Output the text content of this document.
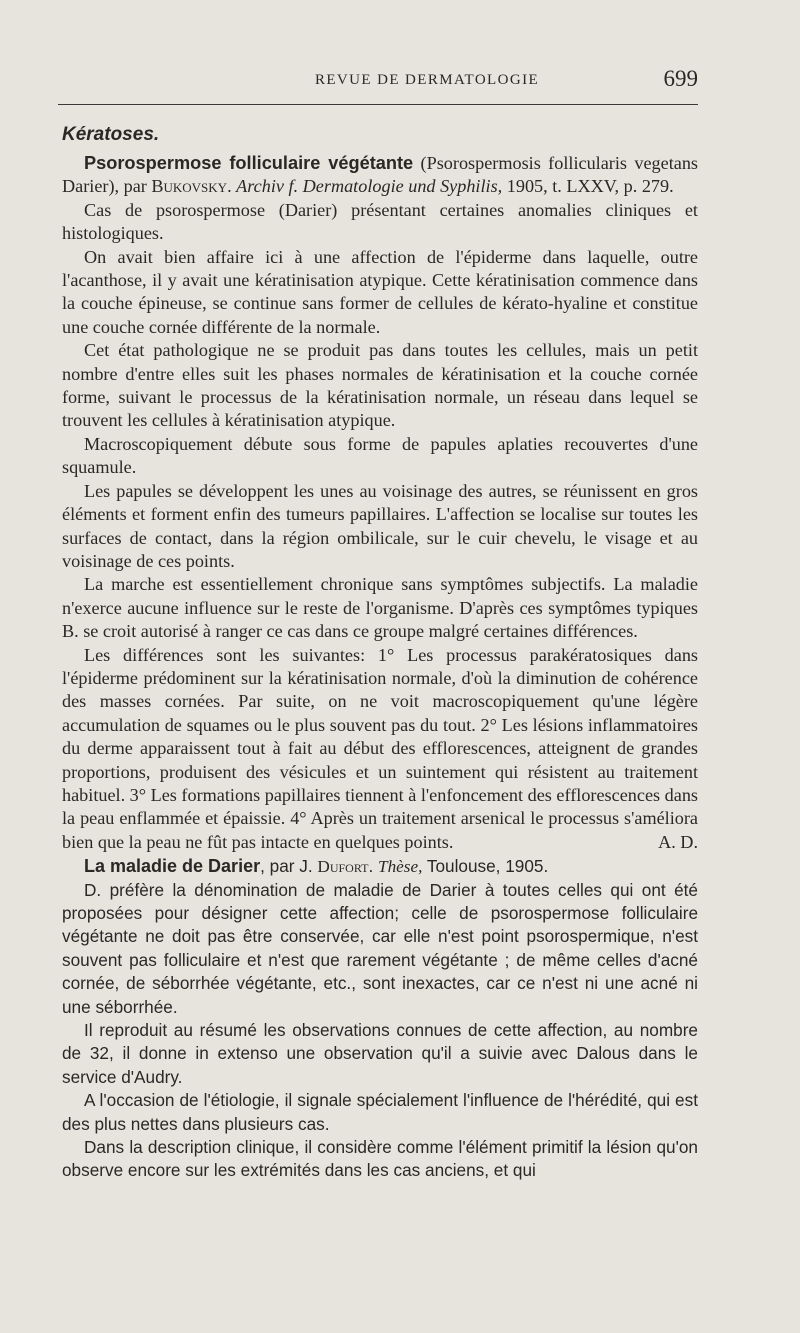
REVUE DE DERMATOLOGIE	699
Kératoses.

Psorospermose folliculaire végétante (Psorospermosis follicularis vegetans Darier), par Bukovsky. Archiv f. Dermatologie und Syphilis, 1905, t. LXXV, p. 279.

Cas de psorospermose (Darier) présentant certaines anomalies cliniques et histologiques.

On avait bien affaire ici à une affection de l'épiderme dans laquelle, outre l'acanthose, il y avait une kératinisation atypique. Cette kératinisation commence dans la couche épineuse, se continue sans former de cellules de kérato-hyaline et constitue une couche cornée différente de la normale.

Cet état pathologique ne se produit pas dans toutes les cellules, mais un petit nombre d'entre elles suit les phases normales de kératinisation et la couche cornée forme, suivant le processus de la kératinisation normale, un réseau dans lequel se trouvent les cellules à kératinisation atypique.

Macroscopiquement débute sous forme de papules aplaties recouvertes d'une squamule.

Les papules se développent les unes au voisinage des autres, se réunissent en gros éléments et forment enfin des tumeurs papillaires. L'affection se localise sur toutes les surfaces de contact, dans la région ombilicale, sur le cuir chevelu, le visage et au voisinage de ces points.

La marche est essentiellement chronique sans symptômes subjectifs. La maladie n'exerce aucune influence sur le reste de l'organisme. D'après ces symptômes typiques B. se croit autorisé à ranger ce cas dans ce groupe malgré certaines différences.

Les différences sont les suivantes: 1° Les processus parakératosiques dans l'épiderme prédominent sur la kératinisation normale, d'où la diminution de cohérence des masses cornées. Par suite, on ne voit macroscopiquement qu'une légère accumulation de squames ou le plus souvent pas du tout. 2° Les lésions inflammatoires du derme apparaissent tout à fait au début des efflorescences, atteignent de grandes proportions, produisent des vésicules et un suintement qui résistent au traitement habituel. 3° Les formations papillaires tiennent à l'enfoncement des efflorescences dans la peau enflammée et épaissie. 4° Après un traitement arsenical le processus s'améliora bien que la peau ne fût pas intacte en quelques points.	A. D.

La maladie de Darier, par J. Dufort. Thèse, Toulouse, 1905.

D. préfère la dénomination de maladie de Darier à toutes celles qui ont été proposées pour désigner cette affection; celle de psorospermose folliculaire végétante ne doit pas être conservée, car elle n'est point psorospermique, n'est souvent pas folliculaire et n'est que rarement végétante ; de même celles d'acné cornée, de séborrhée végétante, etc., sont inexactes, car ce n'est ni une acné ni une séborrhée.

Il reproduit au résumé les observations connues de cette affection, au nombre de 32, il donne in extenso une observation qu'il a suivie avec Dalous dans le service d'Audry.

A l'occasion de l'étiologie, il signale spécialement l'influence de l'hérédité, qui est des plus nettes dans plusieurs cas.

Dans la description clinique, il considère comme l'élément primitif la lésion qu'on observe encore sur les extrémités dans les cas anciens, et qui
